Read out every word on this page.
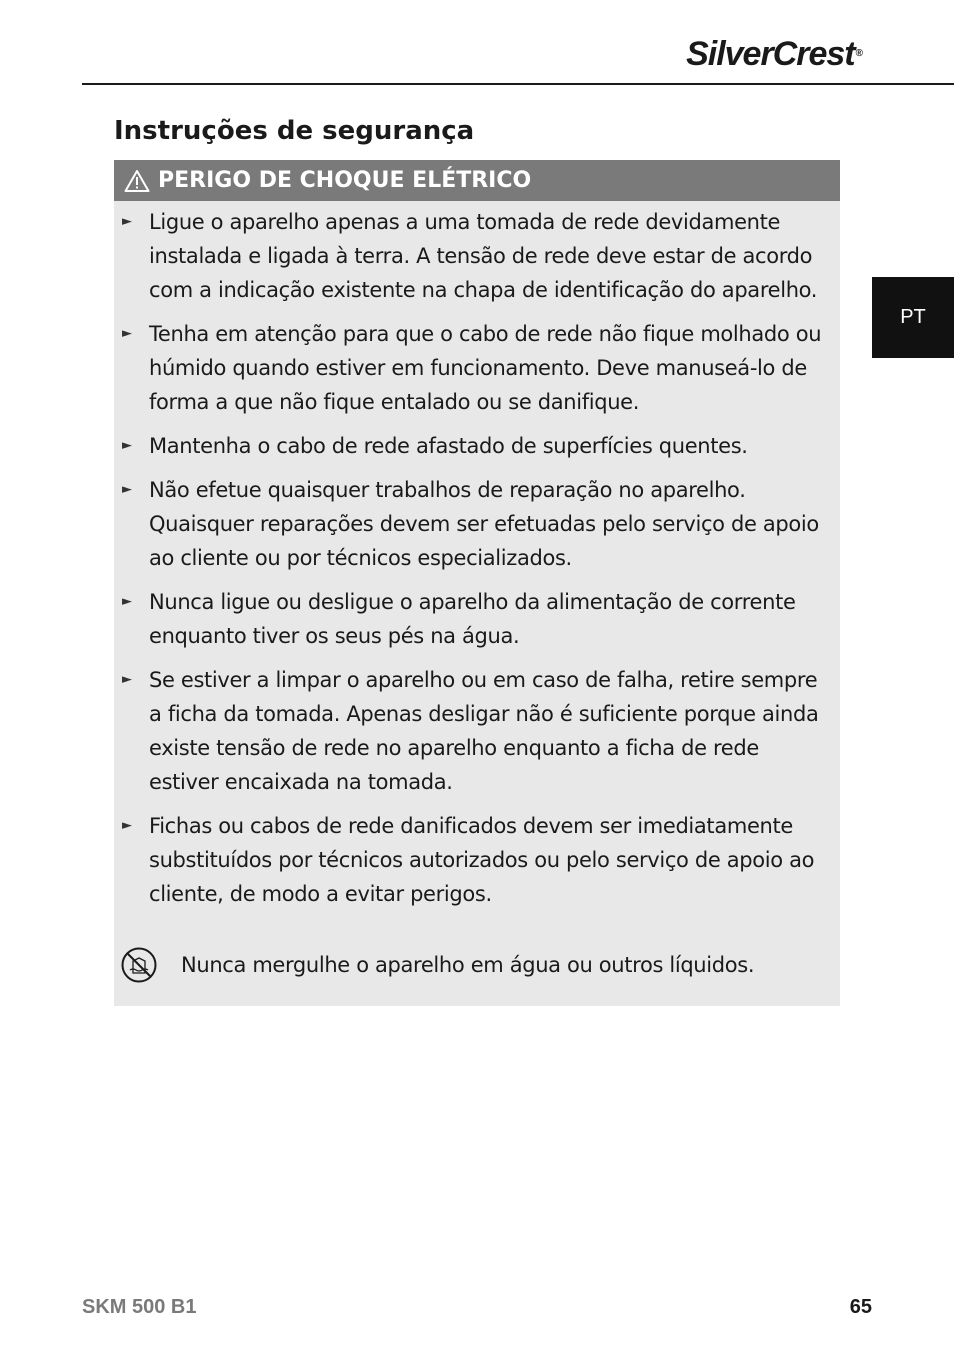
SilverCrest®
PT
Instruções de segurança
PERIGO DE CHOQUE ELÉTRICO
► Ligue o aparelho apenas a uma tomada de rede devidamente instalada e ligada à terra. A tensão de rede deve estar de acordo com a indicação existente na chapa de identificação do aparelho.
► Tenha em atenção para que o cabo de rede não fique molhado ou húmido quando estiver em funcionamento. Deve manuseá-lo de forma a que não fique entalado ou se danifique.
► Mantenha o cabo de rede afastado de superfícies quentes.
► Não efetue quaisquer trabalhos de reparação no aparelho. Quaisquer reparações devem ser efetuadas pelo serviço de apoio ao cliente ou por técnicos especializados.
► Nunca ligue ou desligue o aparelho da alimentação de corrente enquanto tiver os seus pés na água.
► Se estiver a limpar o aparelho ou em caso de falha, retire sempre a ficha da tomada. Apenas desligar não é suficiente porque ainda existe tensão de rede no aparelho enquanto a ficha de rede estiver encaixada na tomada.
► Fichas ou cabos de rede danificados devem ser imediatamente substituídos por técnicos autorizados ou pelo serviço de apoio ao cliente, de modo a evitar perigos.
Nunca mergulhe o aparelho em água ou outros líquidos.
SKM 500 B1	65
